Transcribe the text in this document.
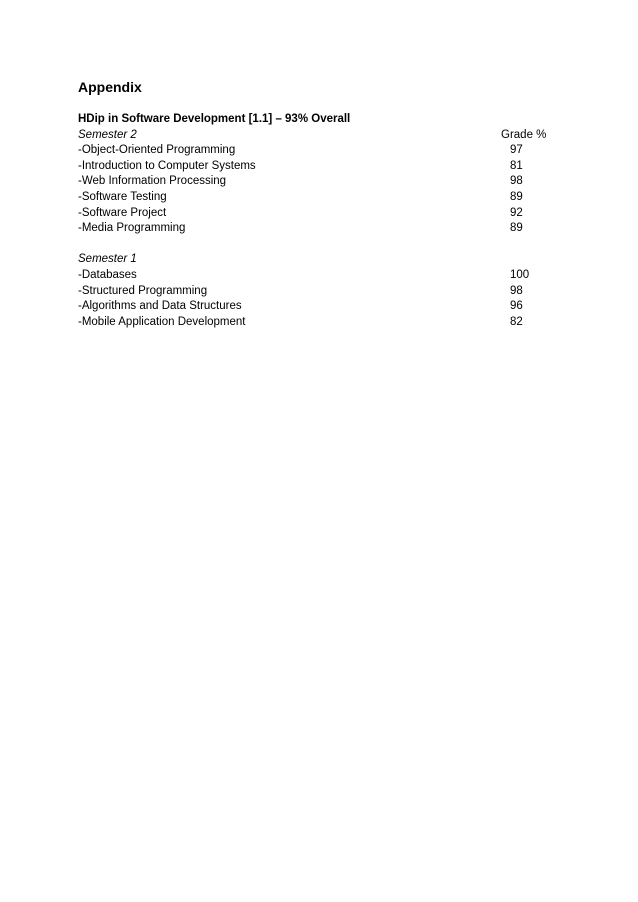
Appendix
HDip in Software Development [1.1] – 93% Overall
Semester 2	Grade %
-Object-Oriented Programming	97
-Introduction to Computer Systems	81
-Web Information Processing	98
-Software Testing	89
-Software Project	92
-Media Programming	89
Semester 1
-Databases	100
-Structured Programming	98
-Algorithms and Data Structures	96
-Mobile Application Development	82
